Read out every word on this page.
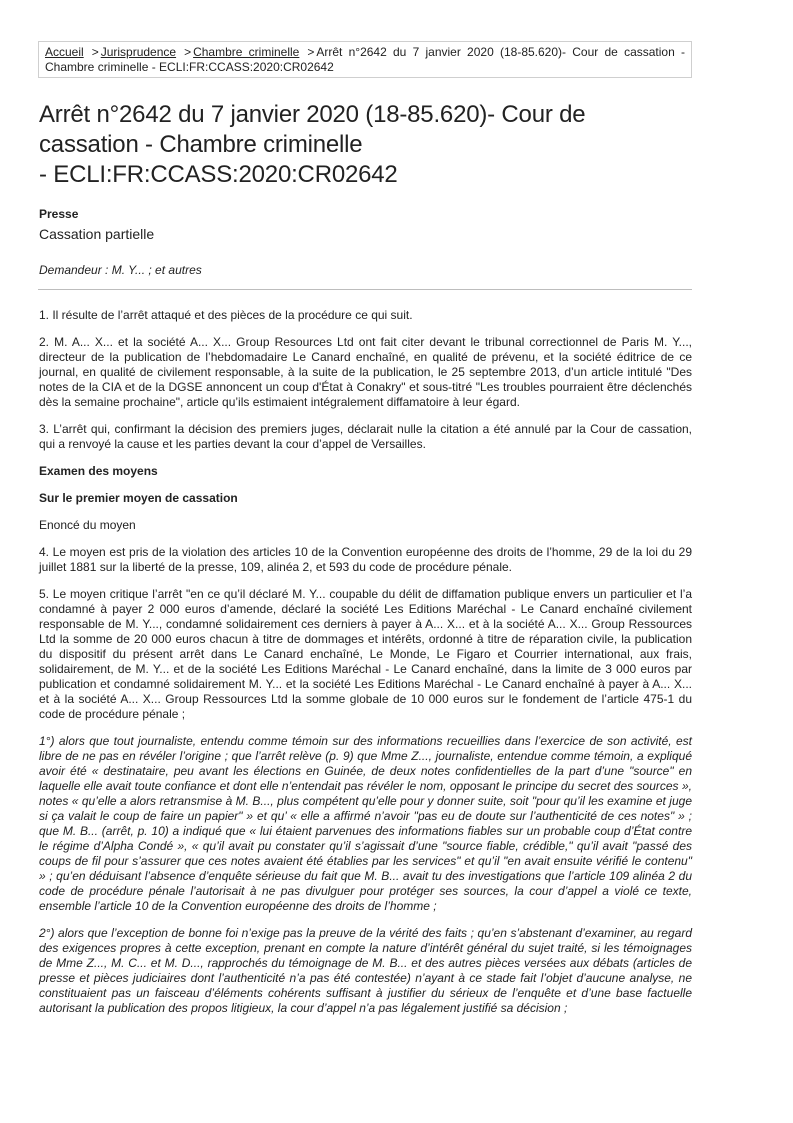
Accueil > Jurisprudence > Chambre criminelle > Arrêt n°2642 du 7 janvier 2020 (18-85.620)- Cour de cassation - Chambre criminelle - ECLI:FR:CCASS:2020:CR02642
Arrêt n°2642 du 7 janvier 2020 (18-85.620)- Cour de
cassation - Chambre criminelle
- ECLI:FR:CCASS:2020:CR02642

Presse

Cassation partielle

Demandeur : M. Y... ; et autres

1. Il résulte de l’arrêt attaqué et des pièces de la procédure ce qui suit.

2. M. A... X... et la société A... X... Group Resources Ltd ont fait citer devant le tribunal correctionnel de Paris M. Y..., directeur de la publication de l’hebdomadaire Le Canard enchaîné, en qualité de prévenu, et la société éditrice de ce journal, en qualité de civilement responsable, à la suite de la publication, le 25 septembre 2013, d’un article intitulé "Des notes de la CIA et de la DGSE annoncent un coup d'État à Conakry" et sous-titré "Les troubles pourraient être déclenchés dès la semaine prochaine", article qu’ils estimaient intégralement diffamatoire à leur égard.

3. L’arrêt qui, confirmant la décision des premiers juges, déclarait nulle la citation a été annulé par la Cour de cassation, qui a renvoyé la cause et les parties devant la cour d’appel de Versailles.

Examen des moyens

Sur le premier moyen de cassation

Enoncé du moyen

4. Le moyen est pris de la violation des articles 10 de la Convention européenne des droits de l’homme, 29 de la loi du 29 juillet 1881 sur la liberté de la presse, 109, alinéa 2, et 593 du code de procédure pénale.

5. Le moyen critique l’arrêt "en ce qu’il déclaré M. Y... coupable du délit de diffamation publique envers un particulier et l’a condamné à payer 2 000 euros d’amende, déclaré la société Les Editions Maréchal - Le Canard enchaîné civilement responsable de M. Y..., condamné solidairement ces derniers à payer à A... X... et à la société A... X... Group Ressources Ltd la somme de 20 000 euros chacun à titre de dommages et intérêts, ordonné à titre de réparation civile, la publication du dispositif du présent arrêt dans Le Canard enchaîné, Le Monde, Le Figaro et Courrier international, aux frais, solidairement, de M. Y... et de la société Les Editions Maréchal - Le Canard enchaîné, dans la limite de 3 000 euros par publication et condamné solidairement M. Y... et la société Les Editions Maréchal - Le Canard enchaîné à payer à A... X... et à la société A... X... Group Ressources Ltd la somme globale de 10 000 euros sur le fondement de l’article 475-1 du code de procédure pénale ;

1°) alors que tout journaliste, entendu comme témoin sur des informations recueillies dans l’exercice de son activité, est libre de ne pas en révéler l’origine ; que l’arrêt relève (p. 9) que Mme Z..., journaliste, entendue comme témoin, a expliqué avoir été « destinataire, peu avant les élections en Guinée, de deux notes confidentielles de la part d’une "source" en laquelle elle avait toute confiance et dont elle n’entendait pas révéler le nom, opposant le principe du secret des sources », notes « qu’elle a alors retransmise à M. B..., plus compétent qu’elle pour y donner suite, soit "pour qu’il les examine et juge si ça valait le coup de faire un papier" » et qu’ « elle a affirmé n’avoir "pas eu de doute sur l’authenticité de ces notes" » ; que M. B... (arrêt, p. 10) a indiqué que « lui étaient parvenues des informations fiables sur un probable coup d’État contre le régime d’Alpha Condé », « qu’il avait pu constater qu’il s’agissait d’une "source fiable, crédible," qu’il avait "passé des coups de fil pour s’assurer que ces notes avaient été établies par les services" et qu’il "en avait ensuite vérifié le contenu" » ; qu’en déduisant l’absence d’enquête sérieuse du fait que M. B... avait tu des investigations que l’article 109 alinéa 2 du code de procédure pénale l’autorisait à ne pas divulguer pour protéger ses sources, la cour d’appel a violé ce texte, ensemble l’article 10 de la Convention européenne des droits de l’homme ;

2°) alors que l’exception de bonne foi n’exige pas la preuve de la vérité des faits ; qu’en s’abstenant d’examiner, au regard des exigences propres à cette exception, prenant en compte la nature d’intérêt général du sujet traité, si les témoignages de Mme Z..., M. C... et M. D..., rapprochés du témoignage de M. B... et des autres pièces versées aux débats (articles de presse et pièces judiciaires dont l’authenticité n’a pas été contestée) n’ayant à ce stade fait l’objet d’aucune analyse, ne constituaient pas un faisceau d’éléments cohérents suffisant à justifier du sérieux de l’enquête et d’une base factuelle autorisant la publication des propos litigieux, la cour d’appel n’a pas légalement justifié sa décision ;
